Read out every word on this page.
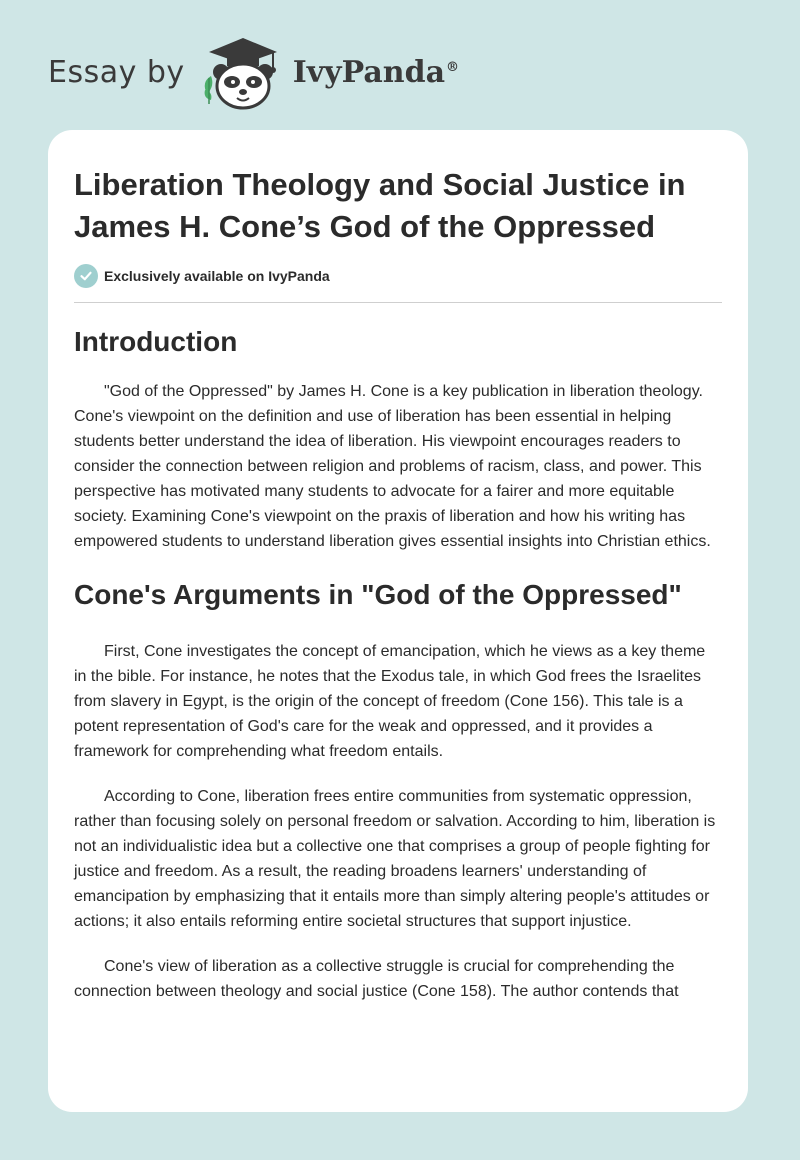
Essay by	IvyPanda®
Liberation Theology and Social Justice in James H. Cone’s God of the Oppressed
Exclusively available on IvyPanda
Introduction

"God of the Oppressed" by James H. Cone is a key publication in liberation theology. Cone's viewpoint on the definition and use of liberation has been essential in helping students better understand the idea of liberation. His viewpoint encourages readers to consider the connection between religion and problems of racism, class, and power. This perspective has motivated many students to advocate for a fairer and more equitable society. Examining Cone's viewpoint on the praxis of liberation and how his writing has empowered students to understand liberation gives essential insights into Christian ethics.

Cone's Arguments in "God of the Oppressed"

First, Cone investigates the concept of emancipation, which he views as a key theme in the bible. For instance, he notes that the Exodus tale, in which God frees the Israelites from slavery in Egypt, is the origin of the concept of freedom (Cone 156). This tale is a potent representation of God's care for the weak and oppressed, and it provides a framework for comprehending what freedom entails.

According to Cone, liberation frees entire communities from systematic oppression, rather than focusing solely on personal freedom or salvation. According to him, liberation is not an individualistic idea but a collective one that comprises a group of people fighting for justice and freedom. As a result, the reading broadens learners' understanding of emancipation by emphasizing that it entails more than simply altering people's attitudes or actions; it also entails reforming entire societal structures that support injustice.

Cone's view of liberation as a collective struggle is crucial for comprehending the connection between theology and social justice (Cone 158). The author contends that
